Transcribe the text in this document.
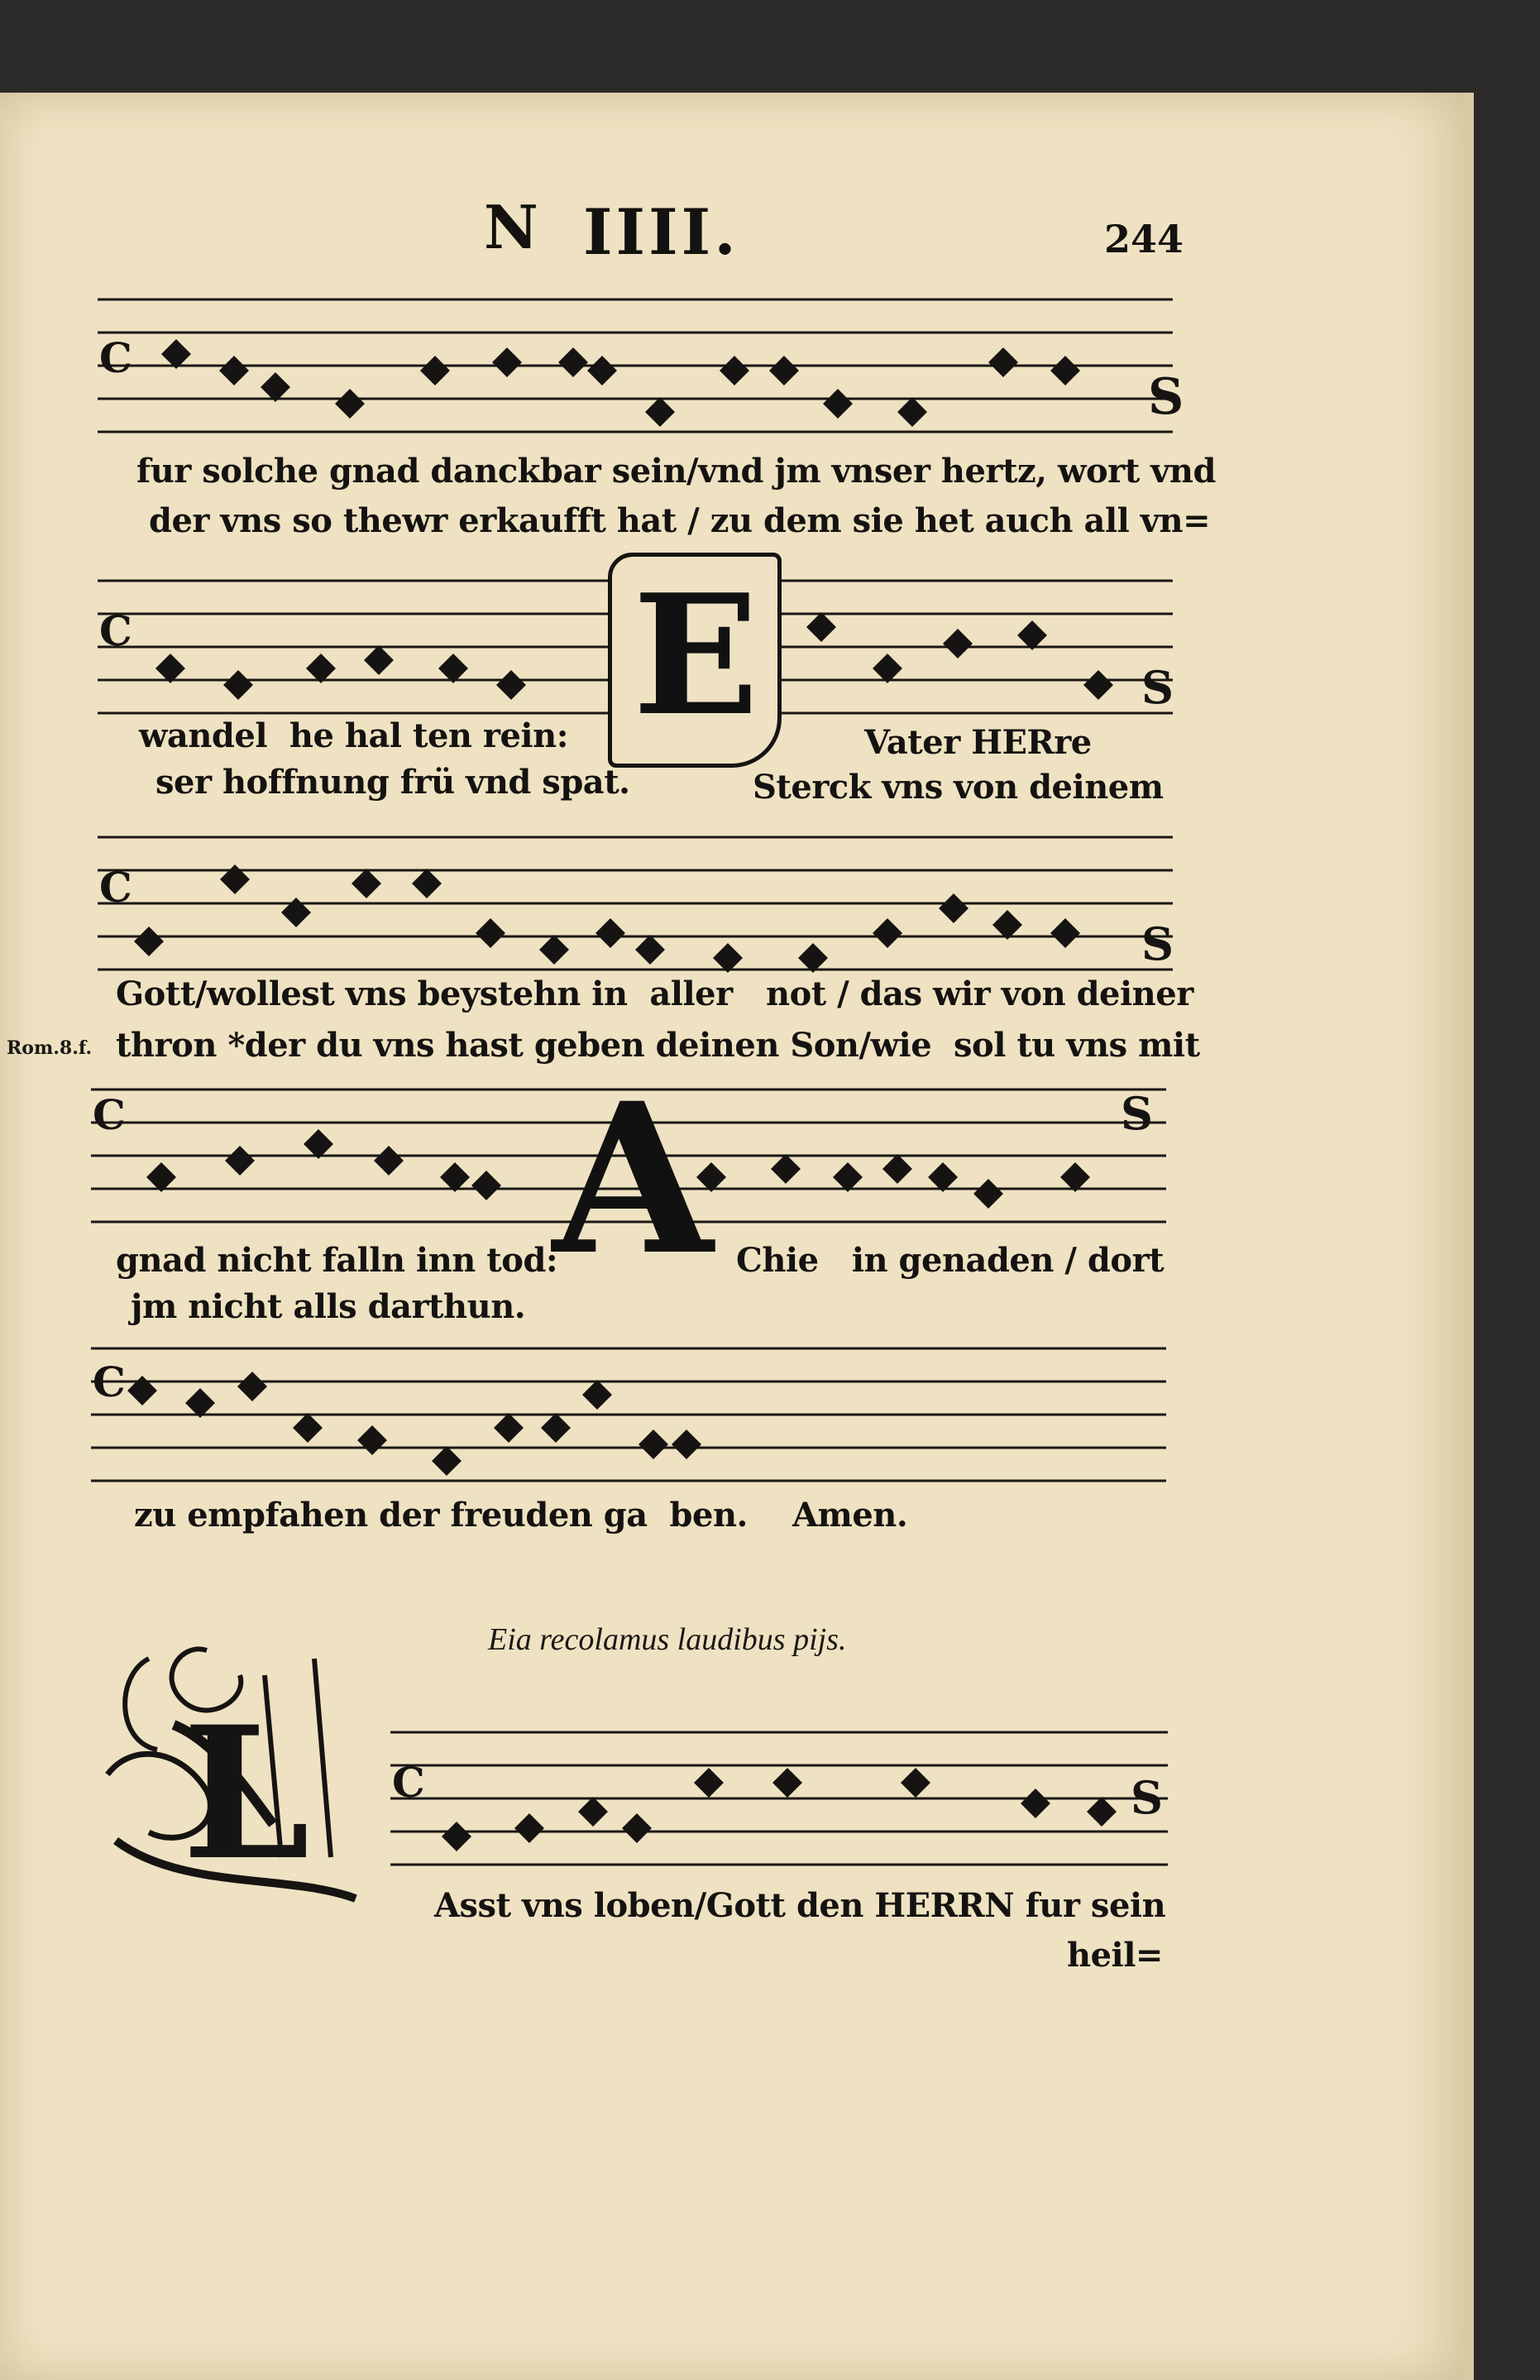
N IIII.	244
C
S
fur solche gnad danckbar sein/vnd jm vnser hertz, wort vnd
der vns so thewr erkaufft hat / zu dem sie het auch all vn=
C
S
E
wandel  he hal ten rein:
ser hoffnung frü vnd spat.
Vater HERre
Sterck vns von deinem
C
S
Gott/wollest vns beystehn in  aller   not / das wir von deiner
thron *der du vns hast geben deinen Son/wie  sol tu vns mit
Rom.8.f.
C	S
A
gnad nicht falln inn tod:
jm nicht alls darthun.
Chie   in genaden / dort
C
zu empfahen der freuden ga  ben. Amen.
Eia recolamus laudibus pijs.
L C	S
Asst vns loben/Gott den HERRN fur sein
heil=
